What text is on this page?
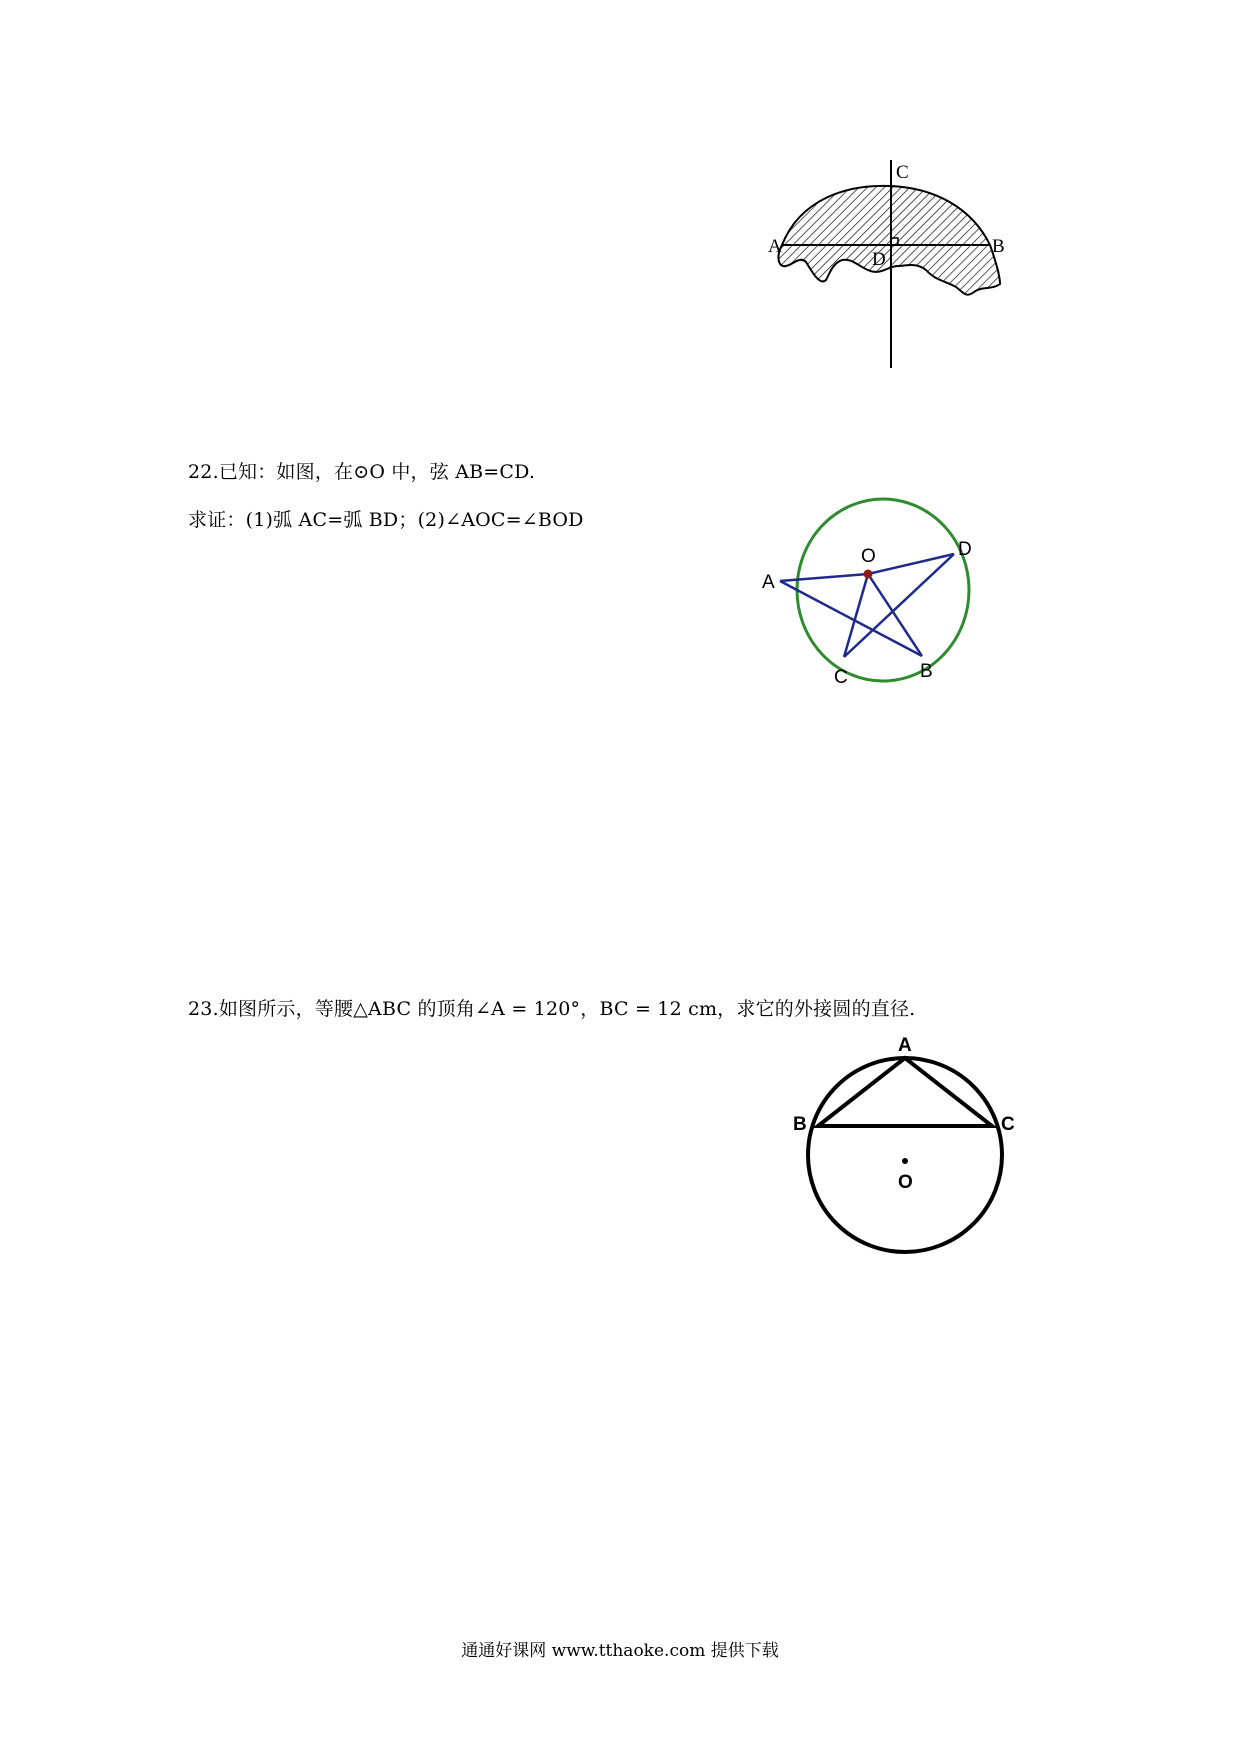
A	B
C
D
22.已知：如图，在⊙O 中，弦 AB=CD.
求证：(1)弧 AC=弧 BD；(2)∠AOC=∠BOD
O
A
D
C	B
23.如图所示，等腰△ABC 的顶角∠A = 120°，BC = 12 cm，求它的外接圆的直径.
A
B	C
O
通通好课网 www.tthaoke.com 提供下载
